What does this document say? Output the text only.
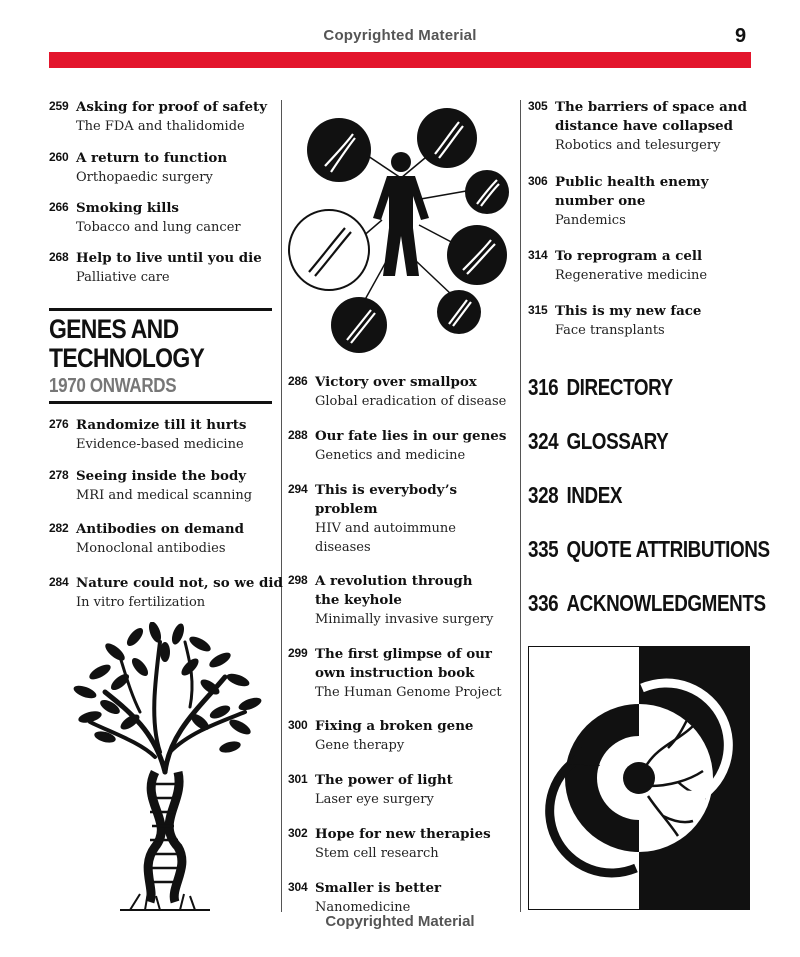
Copyrighted Material	9
259 Asking for proof of safety
The FDA and thalidomide
260 A return to function
Orthopaedic surgery
266 Smoking kills
Tobacco and lung cancer
268 Help to live until you die
Palliative care
GENES AND
TECHNOLOGY
1970 ONWARDS
276 Randomize till it hurts
Evidence-based medicine
278 Seeing inside the body
MRI and medical scanning
282 Antibodies on demand
Monoclonal antibodies
284 Nature could not, so we did
In vitro fertilization
286 Victory over smallpox
Global eradication of disease
288 Our fate lies in our genes
Genetics and medicine
294 This is everybody’s
problem
HIV and autoimmune
diseases
298 A revolution through
the keyhole
Minimally invasive surgery
299 The first glimpse of our
own instruction book
The Human Genome Project
300 Fixing a broken gene
Gene therapy
301 The power of light
Laser eye surgery
302 Hope for new therapies
Stem cell research
304 Smaller is better
Nanomedicine
305 The barriers of space and
distance have collapsed
Robotics and telesurgery
306 Public health enemy
number one
Pandemics
314 To reprogram a cell
Regenerative medicine
315 This is my new face
Face transplants
316 DIRECTORY
324 GLOSSARY
328 INDEX
335 QUOTE ATTRIBUTIONS
336 ACKNOWLEDGMENTS
Copyrighted Material
